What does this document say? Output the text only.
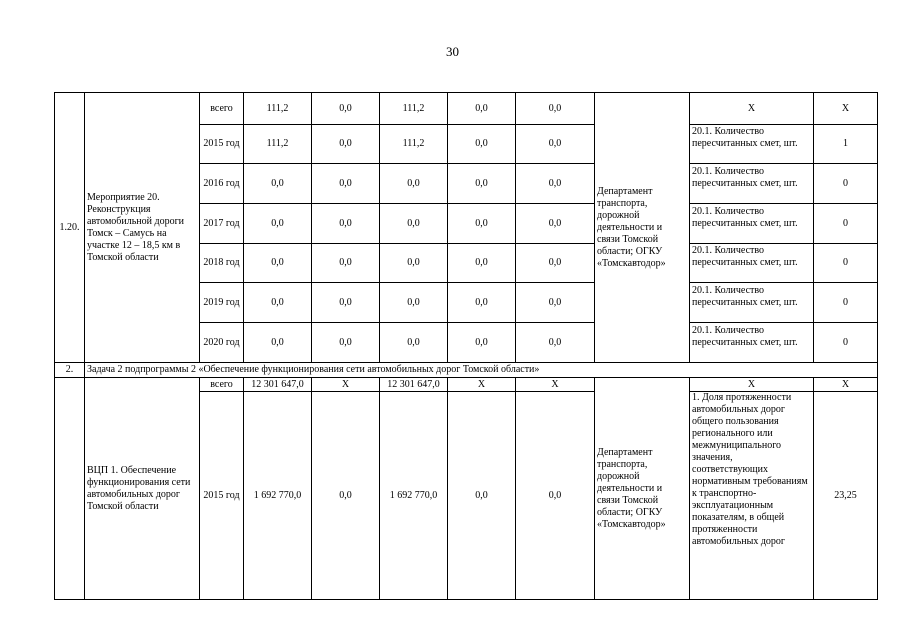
30
1.20.	Мероприятие 20. Реконструкция автомобильной дороги Томск – Самусь на участке 12 – 18,5 км в Томской области	всего	111,2	0,0	111,2	0,0	0,0	Департамент транспорта, дорожной деятельности и связи Томской области; ОГКУ «Томскавтодор»	X	X
		2015 год	111,2	0,0	111,2	0,0	0,0		20.1. Количество пересчитанных смет, шт.	1
		2016 год	0,0	0,0	0,0	0,0	0,0		20.1. Количество пересчитанных смет, шт.	0
		2017 год	0,0	0,0	0,0	0,0	0,0		20.1. Количество пересчитанных смет, шт.	0
		2018 год	0,0	0,0	0,0	0,0	0,0		20.1. Количество пересчитанных смет, шт.	0
		2019 год	0,0	0,0	0,0	0,0	0,0		20.1. Количество пересчитанных смет, шт.	0
		2020 год	0,0	0,0	0,0	0,0	0,0		20.1. Количество пересчитанных смет, шт.	0
2.	Задача 2 подпрограммы 2 «Обеспечение функционирования сети автомобильных дорог Томской области»									
	ВЦП 1. Обеспечение функционирования сети автомобильных дорог Томской области	всего	12 301 647,0	X	12 301 647,0	X	X	Департамент транспорта, дорожной деятельности и связи Томской области; ОГКУ «Томскавтодор»	X	X
		2015 год	1 692 770,0	0,0	1 692 770,0	0,0	0,0		1. Доля протяженности автомобильных дорог общего пользования регионального или межмуниципального значения, соответствующих нормативным требованиям к транспортно-эксплуатационным показателям, в общей протяженности автомобильных дорог	23,25
